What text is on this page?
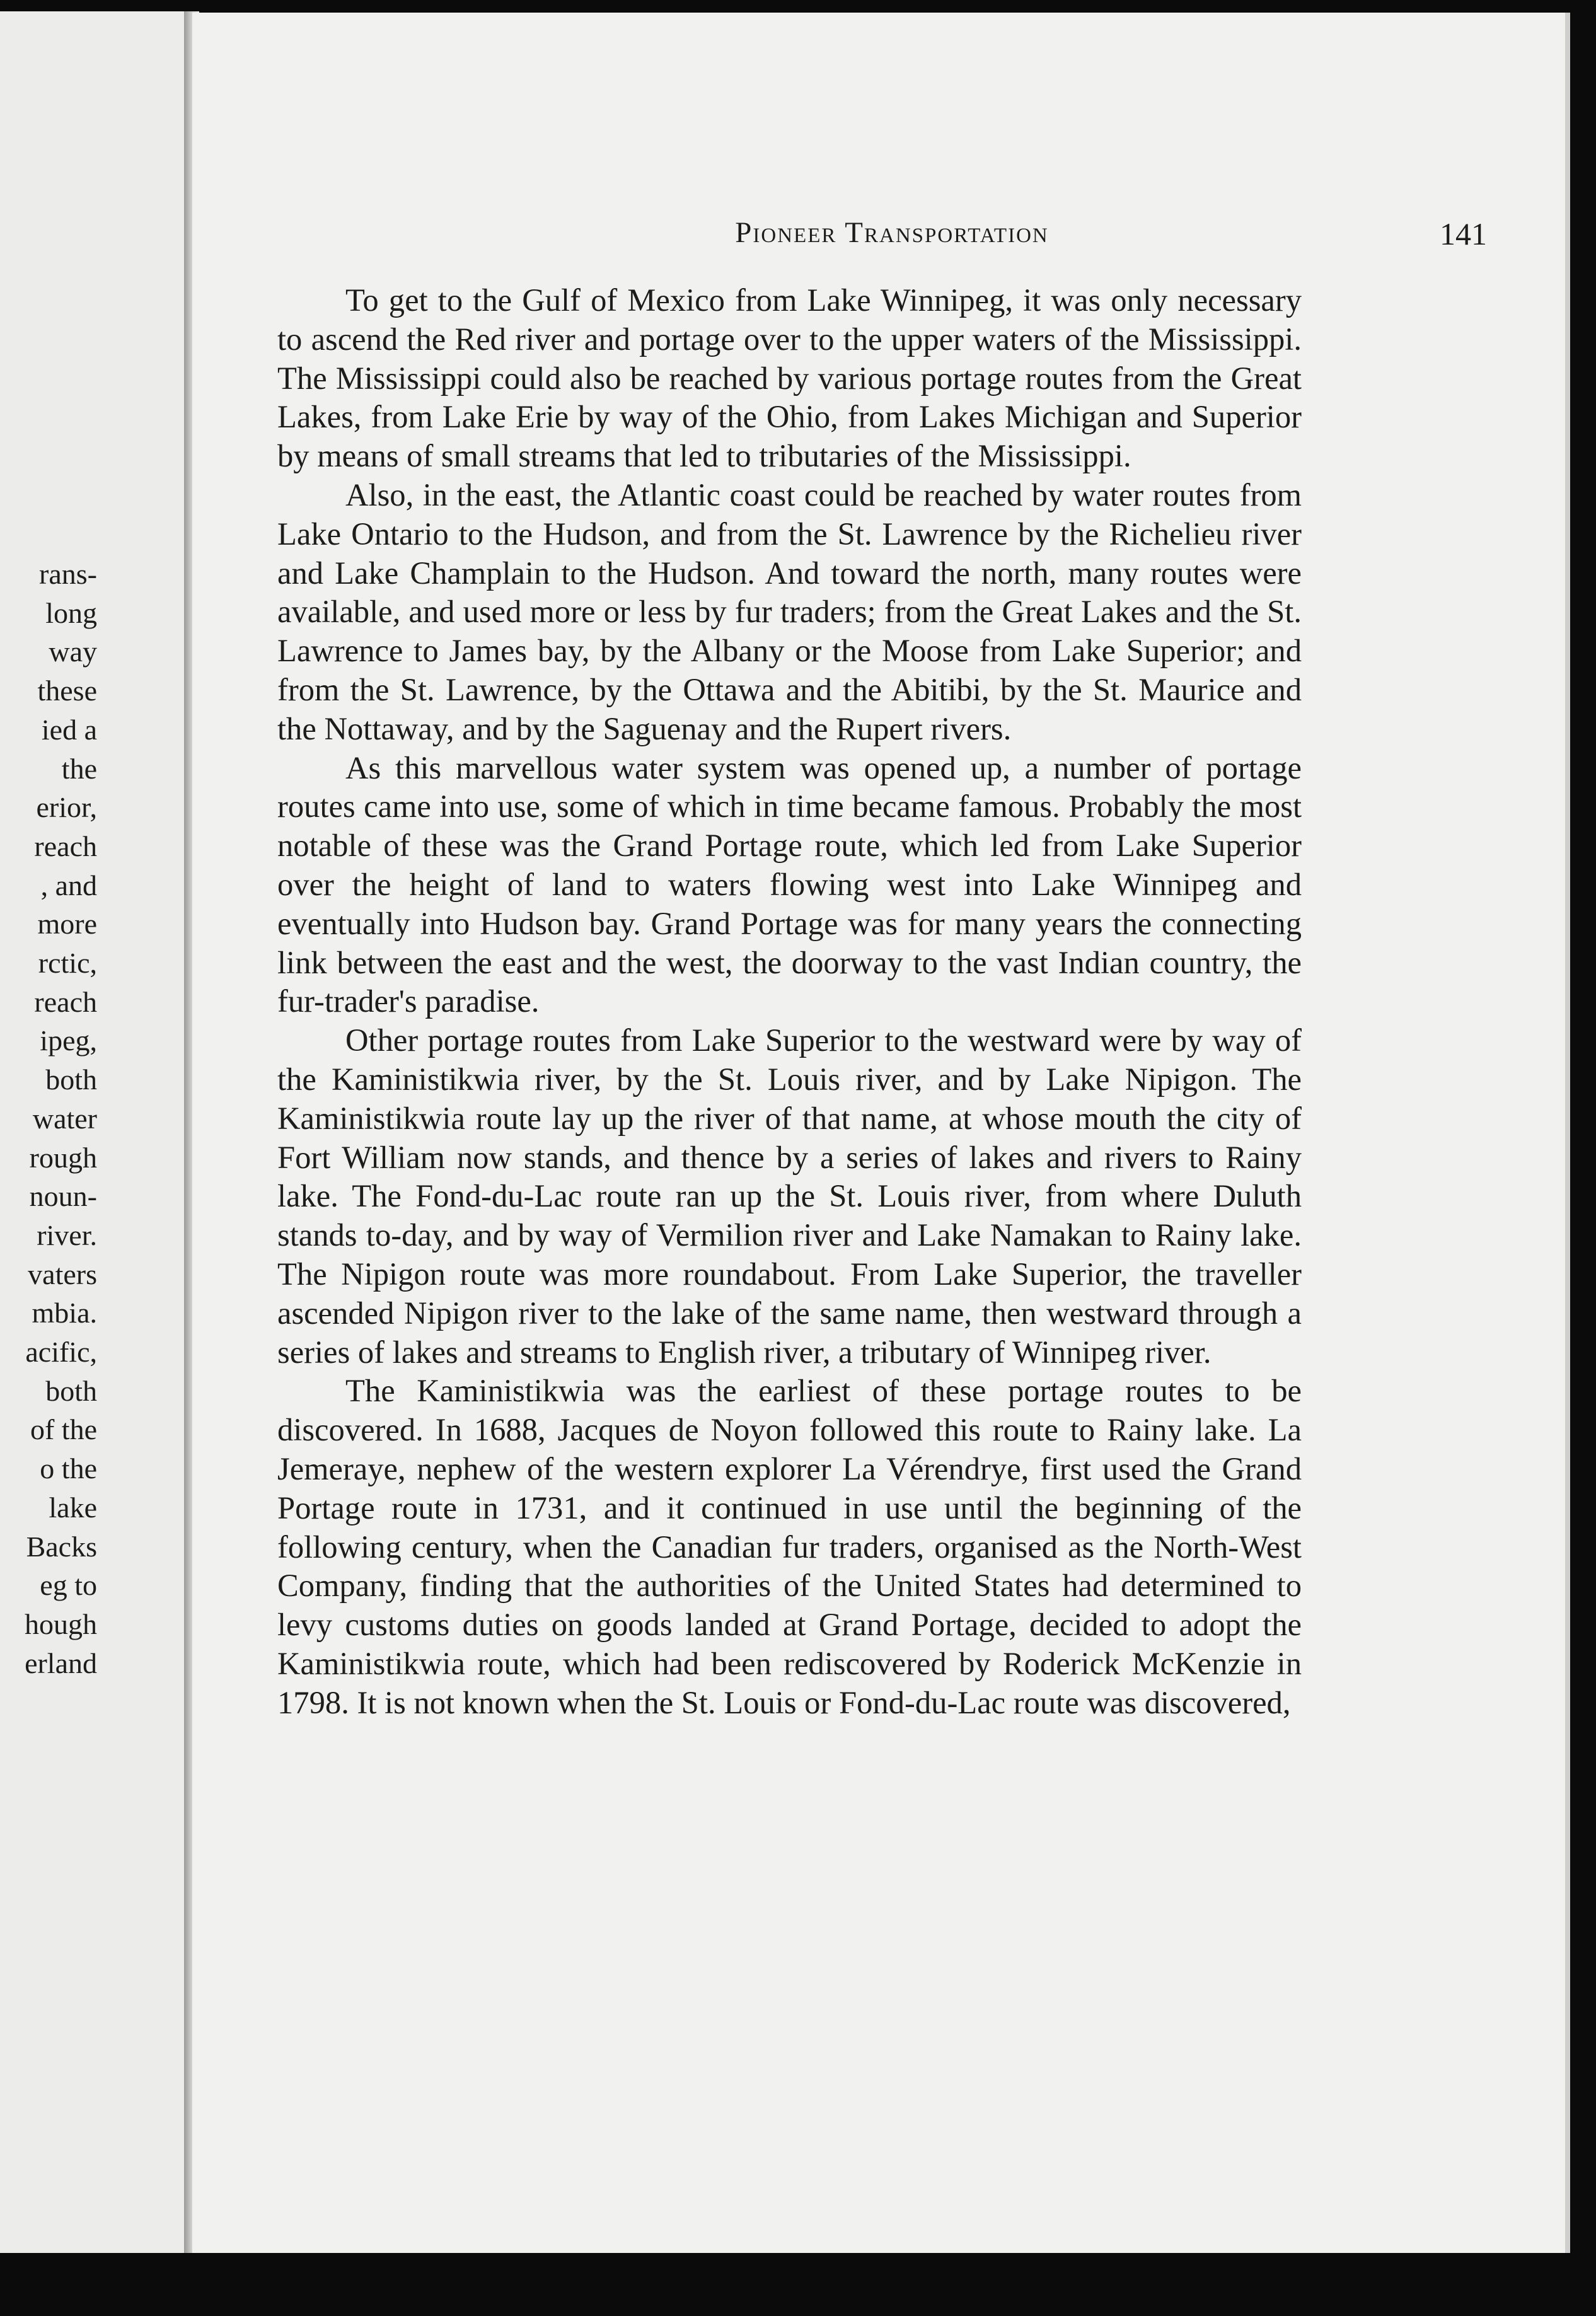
rans-
long
way
these
ied a
the
erior,
reach
, and
more
rctic,
reach
ipeg,
both
water
rough
noun-
river.
vaters
mbia.
acific,
both
of the
o the
lake
Backs
eg to
hough
erland
Pioneer Transportation	141

To get to the Gulf of Mexico from Lake Winnipeg, it was only necessary to ascend the Red river and portage over to the upper waters of the Mississippi. The Mississippi could also be reached by various portage routes from the Great Lakes, from Lake Erie by way of the Ohio, from Lakes Michigan and Superior by means of small streams that led to tributaries of the Mississippi.

Also, in the east, the Atlantic coast could be reached by water routes from Lake Ontario to the Hudson, and from the St. Lawrence by the Richelieu river and Lake Champlain to the Hudson. And toward the north, many routes were available, and used more or less by fur traders; from the Great Lakes and the St. Lawrence to James bay, by the Albany or the Moose from Lake Superior; and from the St. Lawrence, by the Ottawa and the Abitibi, by the St. Maurice and the Nottaway, and by the Saguenay and the Rupert rivers.

As this marvellous water system was opened up, a number of portage routes came into use, some of which in time became famous. Probably the most notable of these was the Grand Portage route, which led from Lake Superior over the height of land to waters flowing west into Lake Winnipeg and eventually into Hudson bay. Grand Portage was for many years the connecting link between the east and the west, the doorway to the vast Indian country, the fur-trader's paradise.

Other portage routes from Lake Superior to the westward were by way of the Kaministikwia river, by the St. Louis river, and by Lake Nipigon. The Kaministikwia route lay up the river of that name, at whose mouth the city of Fort William now stands, and thence by a series of lakes and rivers to Rainy lake. The Fond-du-Lac route ran up the St. Louis river, from where Duluth stands to-day, and by way of Vermilion river and Lake Namakan to Rainy lake. The Nipigon route was more roundabout. From Lake Superior, the traveller ascended Nipigon river to the lake of the same name, then westward through a series of lakes and streams to English river, a tributary of Winnipeg river.

The Kaministikwia was the earliest of these portage routes to be discovered. In 1688, Jacques de Noyon followed this route to Rainy lake. La Jemeraye, nephew of the western explorer La Vérendrye, first used the Grand Portage route in 1731, and it continued in use until the beginning of the following century, when the Canadian fur traders, organised as the North-West Company, finding that the authorities of the United States had determined to levy customs duties on goods landed at Grand Portage, decided to adopt the Kaministikwia route, which had been rediscovered by Roderick McKenzie in 1798. It is not known when the St. Louis or Fond-du-Lac route was discovered,
